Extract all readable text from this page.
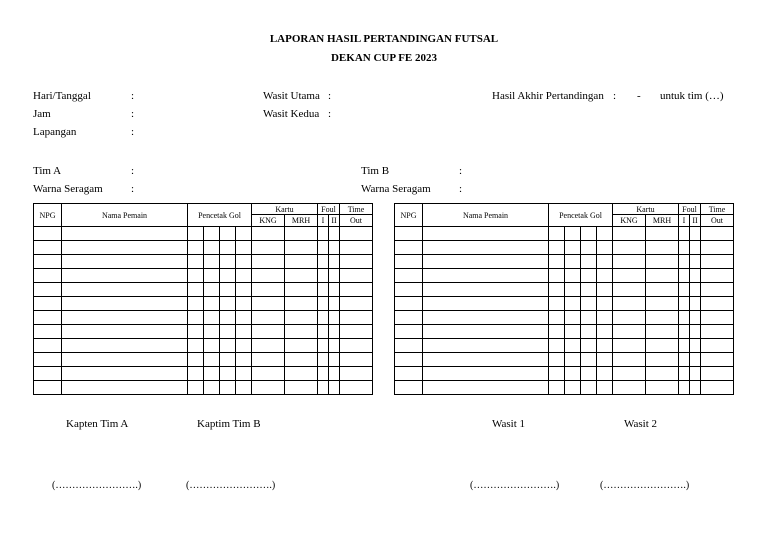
LAPORAN HASIL PERTANDINGAN FUTSAL
DEKAN CUP FE 2023
Hari/Tanggal	:
Jam	:
Lapangan	:
Wasit Utama :
Wasit Kedua :
Hasil Akhir Pertandingan : - untuk tim (…)
Tim A	:
Warna Seragam	:
Tim B	:
Warna Seragam	:
NPG	Nama Pemain	Pencetak Gol				Kartu		Foul		Time
						KNG	MRH	I	II	Out

NPG	Nama Pemain	Pencetak Gol				Kartu		Foul		Time
						KNG	MRH	I	II	Out

Kapten Tim A	Kaptim Tim B	Wasit 1	Wasit 2
(…………………….)	(…………………….)	(…………………….)	(…………………….)
